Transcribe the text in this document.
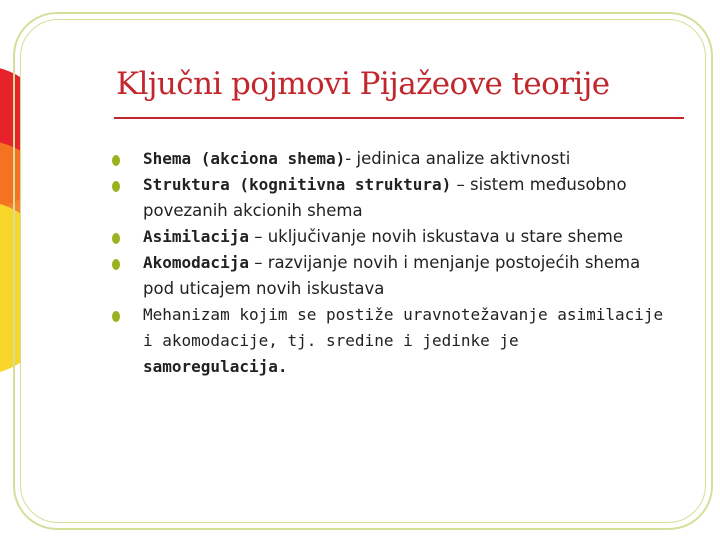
Ključni pojmovi Pijažeove teorije
Shema (akciona shema)- jedinica analize aktivnosti
Struktura (kognitivna struktura) – sistem međusobno povezanih akcionih shema
Asimilacija – uključivanje novih iskustava u stare sheme
Akomodacija – razvijanje novih i menjanje postojećih shema pod uticajem novih iskustava
Mehanizam kojim se postiže uravnotežavanje asimilacije i akomodacije, tj. sredine i jedinke je samoregulacija.
